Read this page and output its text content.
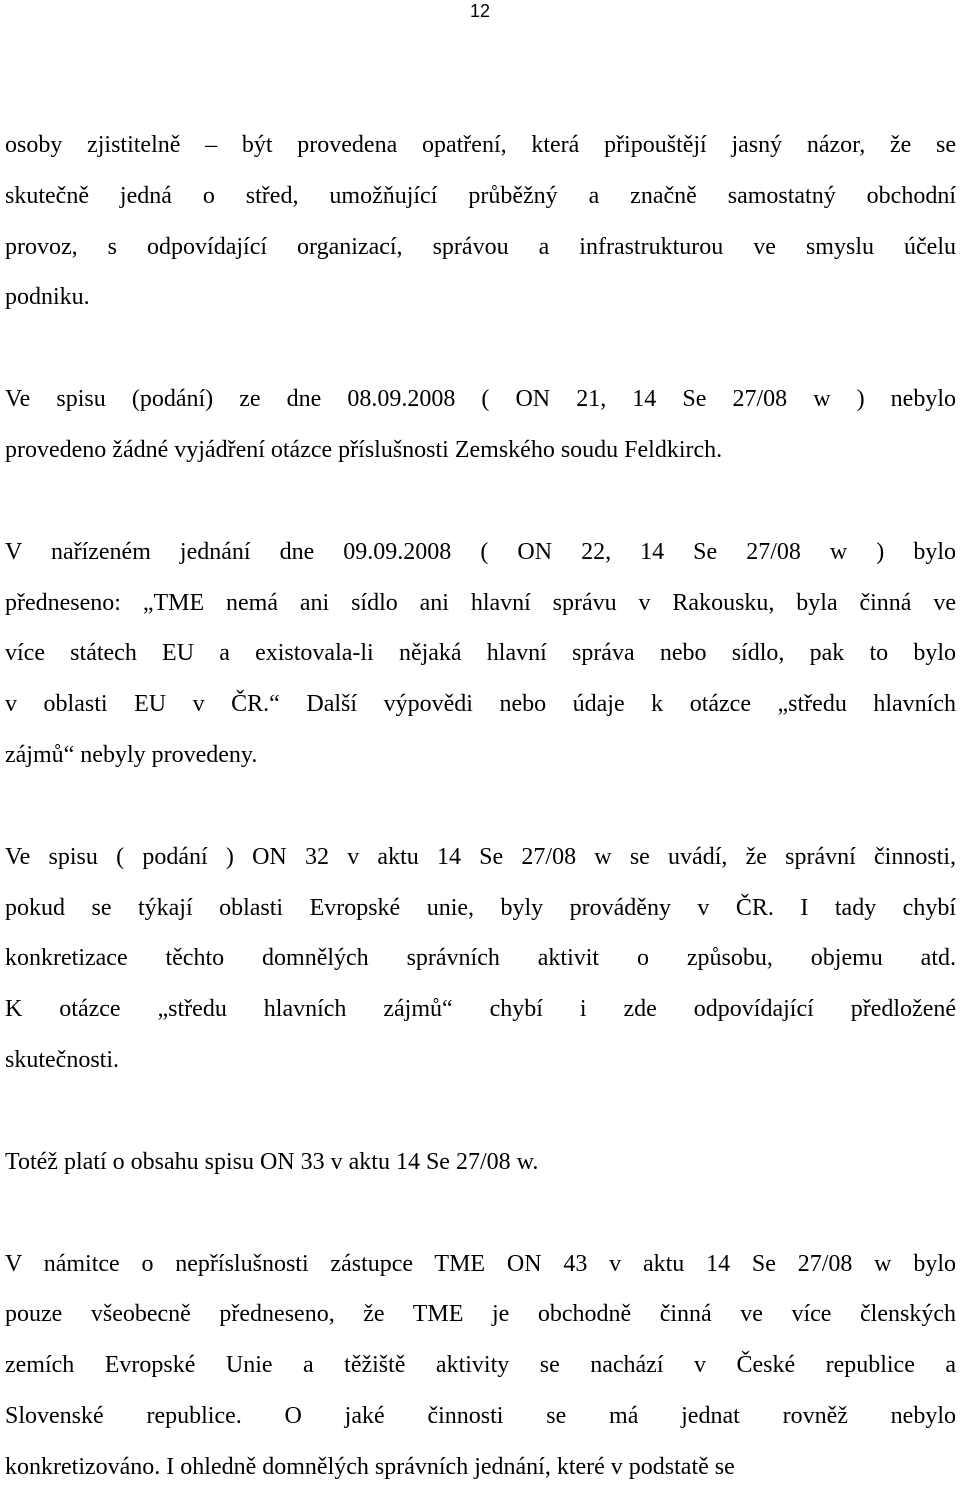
12

osoby zjistitelně – být provedena opatření, která připouštějí jasný názor, že se
skutečně jedná o střed, umožňující průběžný a značně samostatný obchodní
provoz, s odpovídající organizací, správou a infrastrukturou ve smyslu účelu
podniku.

Ve spisu (podání) ze dne 08.09.2008 ( ON 21, 14 Se 27/08 w ) nebylo
provedeno žádné vyjádření otázce příslušnosti Zemského soudu Feldkirch.

V nařízeném jednání dne 09.09.2008 ( ON 22, 14 Se 27/08 w ) bylo
předneseno: „TME nemá ani sídlo ani hlavní správu v Rakousku, byla činná ve
více státech EU a existovala-li nějaká hlavní správa nebo sídlo, pak to bylo
v oblasti EU v ČR.“ Další výpovědi nebo údaje k otázce „středu hlavních
zájmů“ nebyly provedeny.

Ve spisu ( podání ) ON 32 v aktu 14 Se 27/08 w se uvádí, že správní činnosti,
pokud se týkají oblasti Evropské unie, byly prováděny v ČR. I tady chybí
konkretizace těchto domnělých správních aktivit o způsobu, objemu atd.
K otázce „středu hlavních zájmů“ chybí i zde odpovídající předložené
skutečnosti.

Totéž platí o obsahu spisu ON 33 v aktu 14 Se 27/08 w.

V námitce o nepříslušnosti zástupce TME ON 43 v aktu 14 Se 27/08 w bylo
pouze všeobecně předneseno, že TME je obchodně činná ve více členských
zemích Evropské Unie a těžiště aktivity se nachází v České republice a
Slovenské republice. O jaké činnosti se má jednat rovněž nebylo
konkretizováno. I ohledně domnělých správních jednání, které v podstatě se
